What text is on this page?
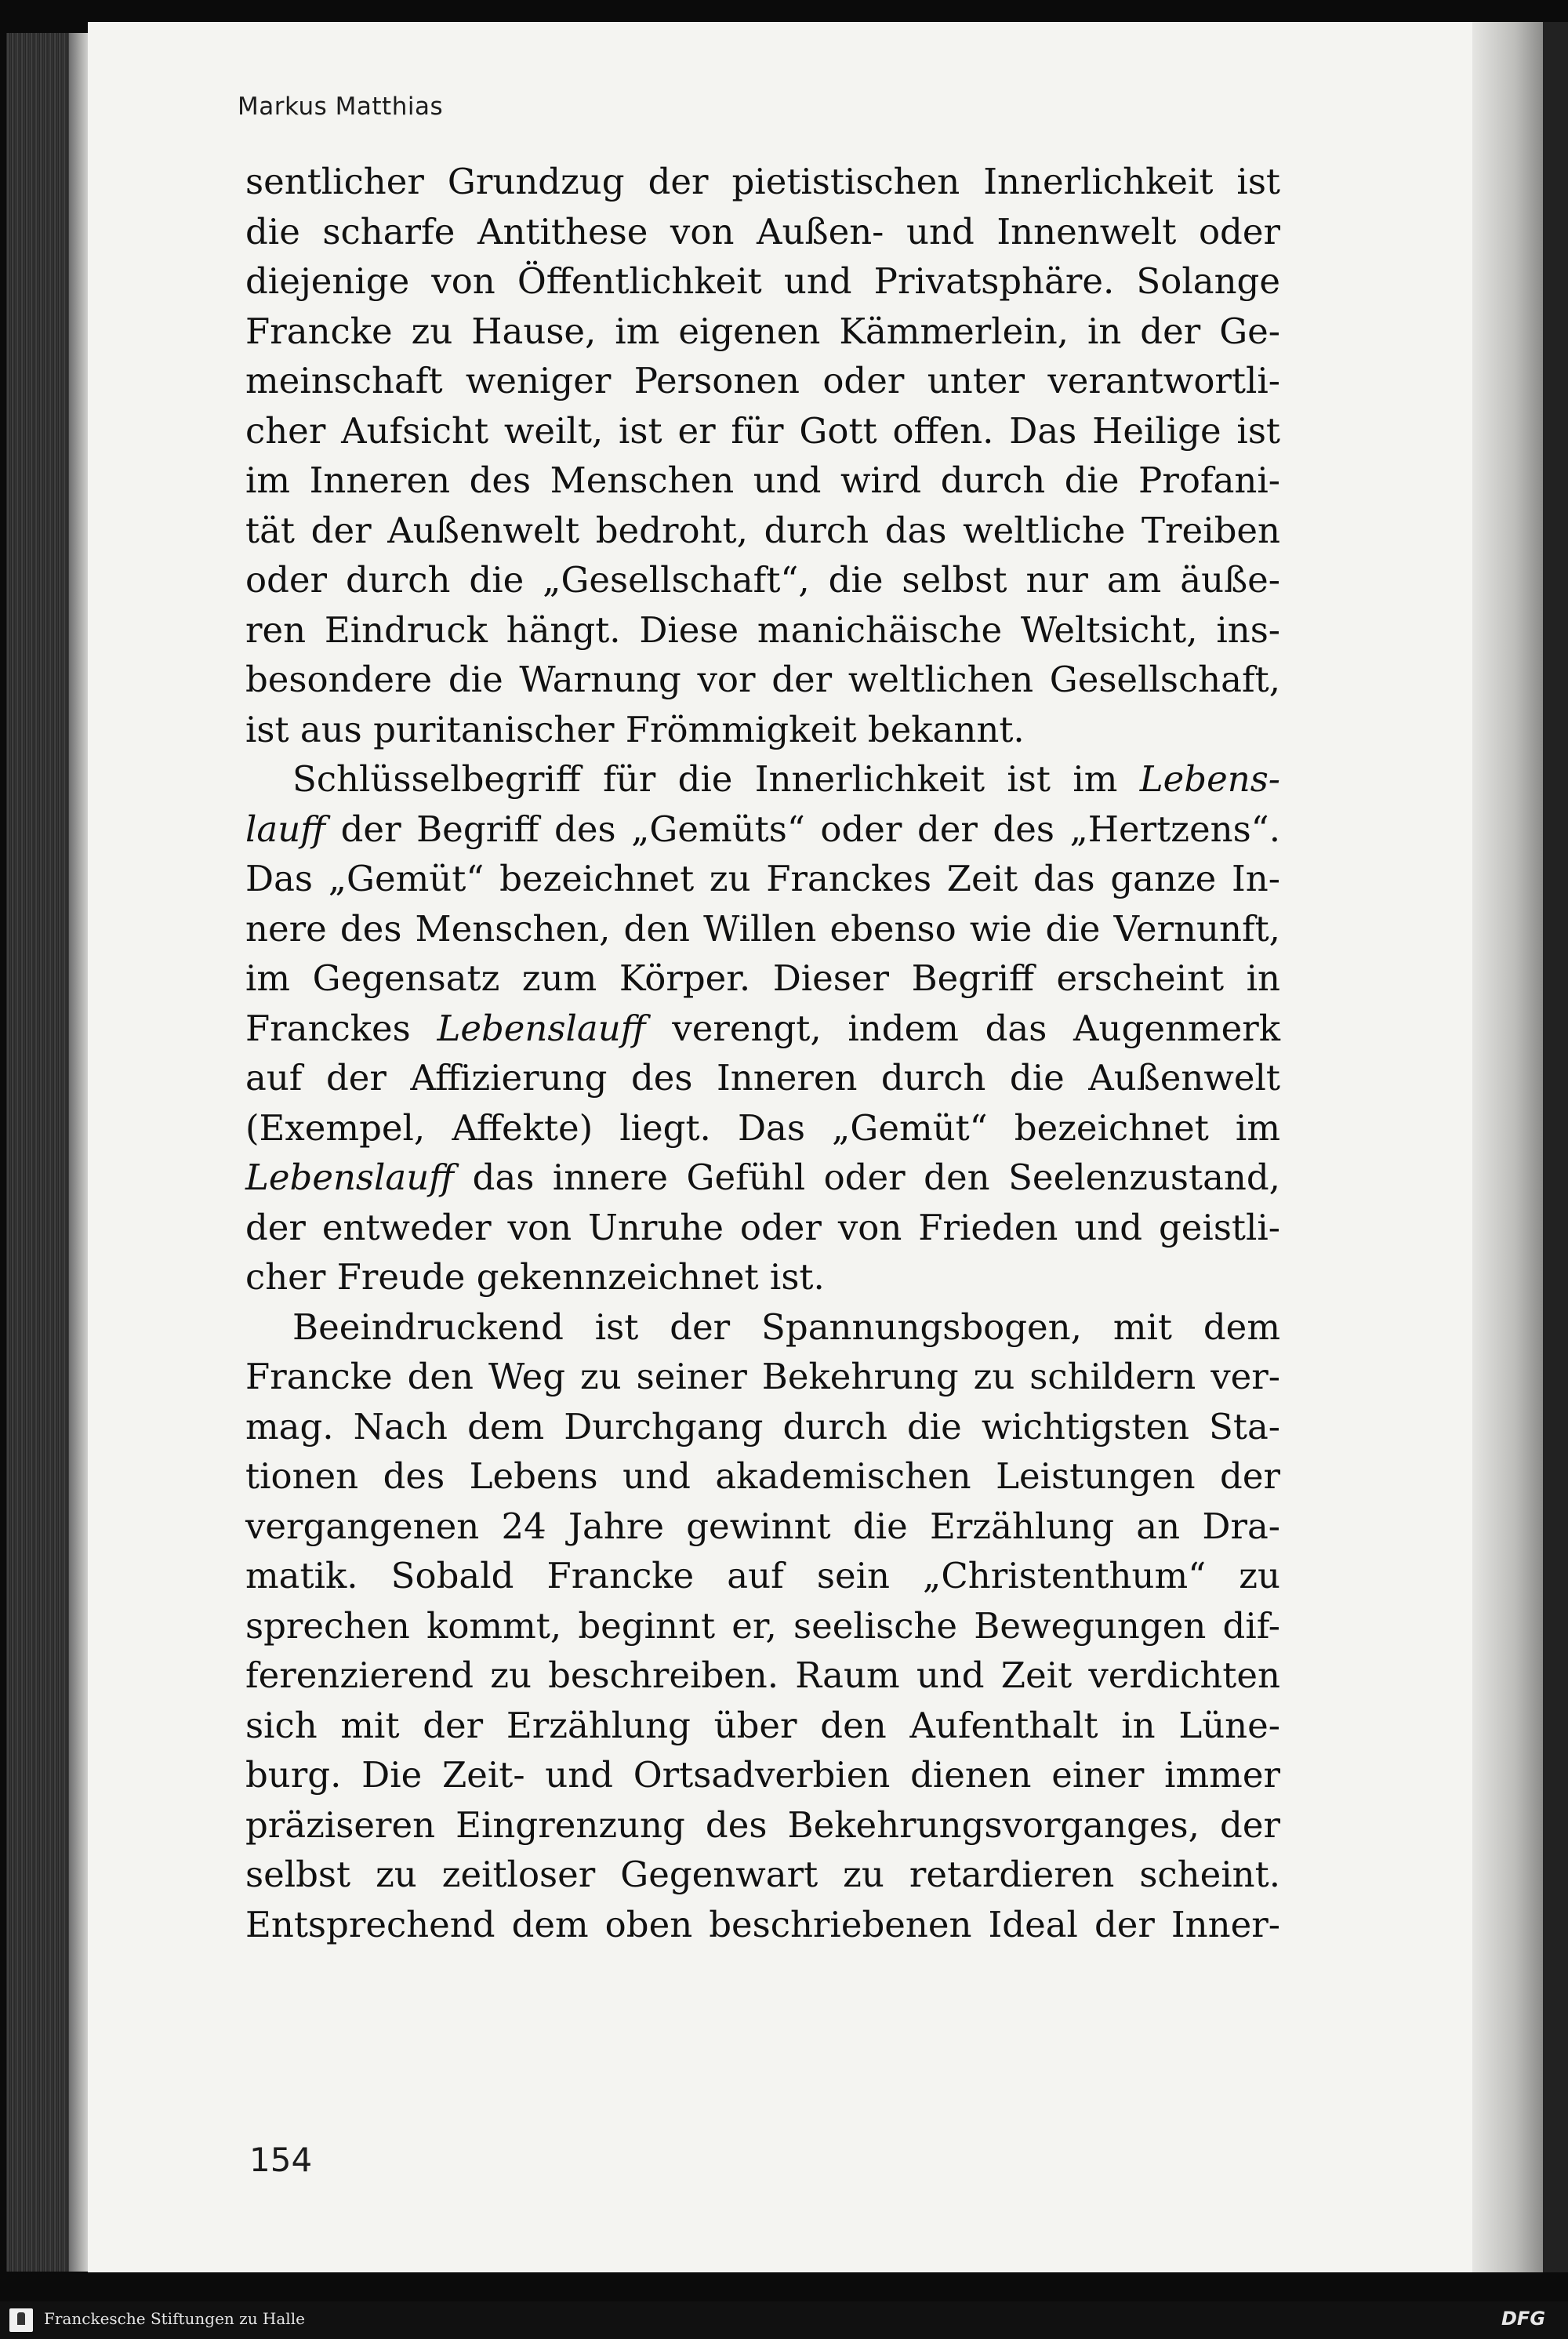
Markus Matthias
sentlicher Grundzug der pietistischen Innerlichkeit ist
die scharfe Antithese von Außen- und Innenwelt oder
diejenige von Öffentlichkeit und Privatsphäre. Solange
Francke zu Hause, im eigenen Kämmerlein, in der Ge-
meinschaft weniger Personen oder unter verantwortli-
cher Aufsicht weilt, ist er für Gott offen. Das Heilige ist
im Inneren des Menschen und wird durch die Profani-
tät der Außenwelt bedroht, durch das weltliche Treiben
oder durch die „Gesellschaft“, die selbst nur am äuße-
ren Eindruck hängt. Diese manichäische Weltsicht, ins-
besondere die Warnung vor der weltlichen Gesellschaft,
ist aus puritanischer Frömmigkeit bekannt.
Schlüsselbegriff für die Innerlichkeit ist im Lebens-
lauff der Begriff des „Gemüts“ oder der des „Hertzens“.
Das „Gemüt“ bezeichnet zu Franckes Zeit das ganze In-
nere des Menschen, den Willen ebenso wie die Vernunft,
im Gegensatz zum Körper. Dieser Begriff erscheint in
Franckes Lebenslauff verengt, indem das Augenmerk
auf der Affizierung des Inneren durch die Außenwelt
(Exempel, Affekte) liegt. Das „Gemüt“ bezeichnet im
Lebenslauff das innere Gefühl oder den Seelenzustand,
der entweder von Unruhe oder von Frieden und geistli-
cher Freude gekennzeichnet ist.
Beeindruckend ist der Spannungsbogen, mit dem
Francke den Weg zu seiner Bekehrung zu schildern ver-
mag. Nach dem Durchgang durch die wichtigsten Sta-
tionen des Lebens und akademischen Leistungen der
vergangenen 24 Jahre gewinnt die Erzählung an Dra-
matik. Sobald Francke auf sein „Christenthum“ zu
sprechen kommt, beginnt er, seelische Bewegungen dif-
ferenzierend zu beschreiben. Raum und Zeit verdichten
sich mit der Erzählung über den Aufenthalt in Lüne-
burg. Die Zeit- und Ortsadverbien dienen einer immer
präziseren Eingrenzung des Bekehrungsvorganges, der
selbst zu zeitloser Gegenwart zu retardieren scheint.
Entsprechend dem oben beschriebenen Ideal der Inner-
154
Franckesche Stiftungen zu Halle	DFG
